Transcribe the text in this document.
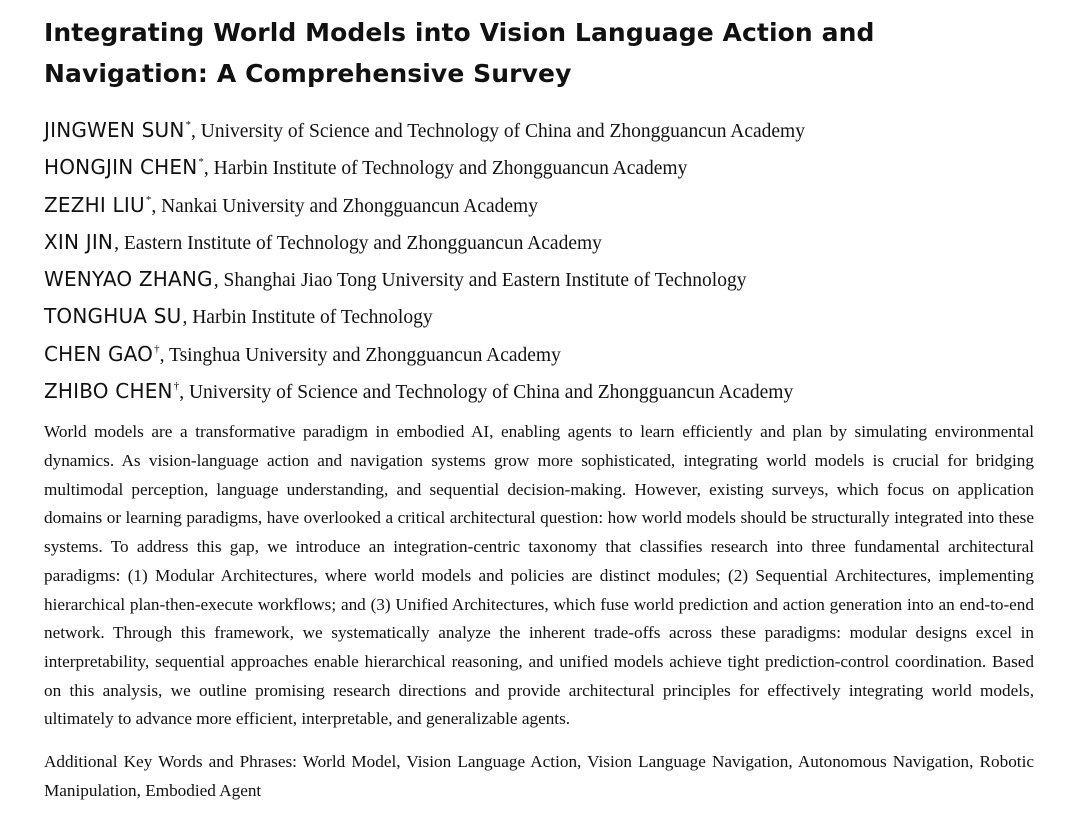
Integrating World Models into Vision Language Action and Navigation: A Comprehensive Survey
JINGWEN SUN*, University of Science and Technology of China and Zhongguancun Academy
HONGJIN CHEN*, Harbin Institute of Technology and Zhongguancun Academy
ZEZHI LIU*, Nankai University and Zhongguancun Academy
XIN JIN, Eastern Institute of Technology and Zhongguancun Academy
WENYAO ZHANG, Shanghai Jiao Tong University and Eastern Institute of Technology
TONGHUA SU, Harbin Institute of Technology
CHEN GAO†, Tsinghua University and Zhongguancun Academy
ZHIBO CHEN†, University of Science and Technology of China and Zhongguancun Academy

World models are a transformative paradigm in embodied AI, enabling agents to learn efficiently and plan by simulating environmental dynamics. As vision-language action and navigation systems grow more sophisticated, integrating world models is crucial for bridging multimodal perception, language understanding, and sequential decision-making. However, existing surveys, which focus on application domains or learning paradigms, have overlooked a critical architectural question: how world models should be structurally integrated into these systems. To address this gap, we introduce an integration-centric taxonomy that classifies research into three fundamental architectural paradigms: (1) Modular Architectures, where world models and policies are distinct modules; (2) Sequential Architectures, implementing hierarchical plan-then-execute workflows; and (3) Unified Architectures, which fuse world prediction and action generation into an end-to-end network. Through this framework, we systematically analyze the inherent trade-offs across these paradigms: modular designs excel in interpretability, sequential approaches enable hierarchical reasoning, and unified models achieve tight prediction-control coordination. Based on this analysis, we outline promising research directions and provide architectural principles for effectively integrating world models, ultimately to advance more efficient, interpretable, and generalizable agents.

Additional Key Words and Phrases: World Model, Vision Language Action, Vision Language Navigation, Autonomous Navigation, Robotic Manipulation, Embodied Agent
